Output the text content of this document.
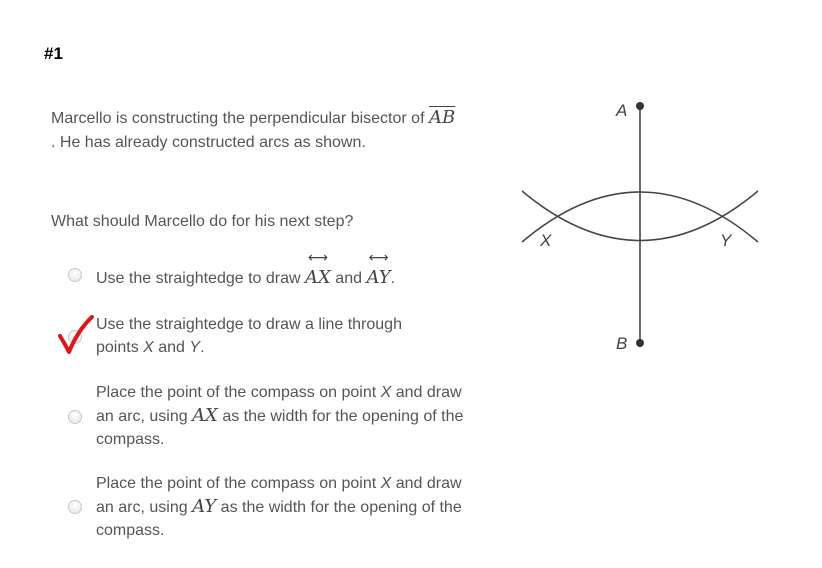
#1
Marcello is constructing the perpendicular bisector of $\overline{AB}$
. He has already constructed arcs as shown.
What should Marcello do for his next step?
Use the straightedge to draw
⟷
AX and
⟷
AY.
Use the straightedge to draw a line through
points X and Y.
Place the point of the compass on point X and draw an arc, using AX as the width for the opening of the compass.
Place the point of the compass on point X and draw an arc, using AY as the width for the opening of the compass.
A
B
X	Y
